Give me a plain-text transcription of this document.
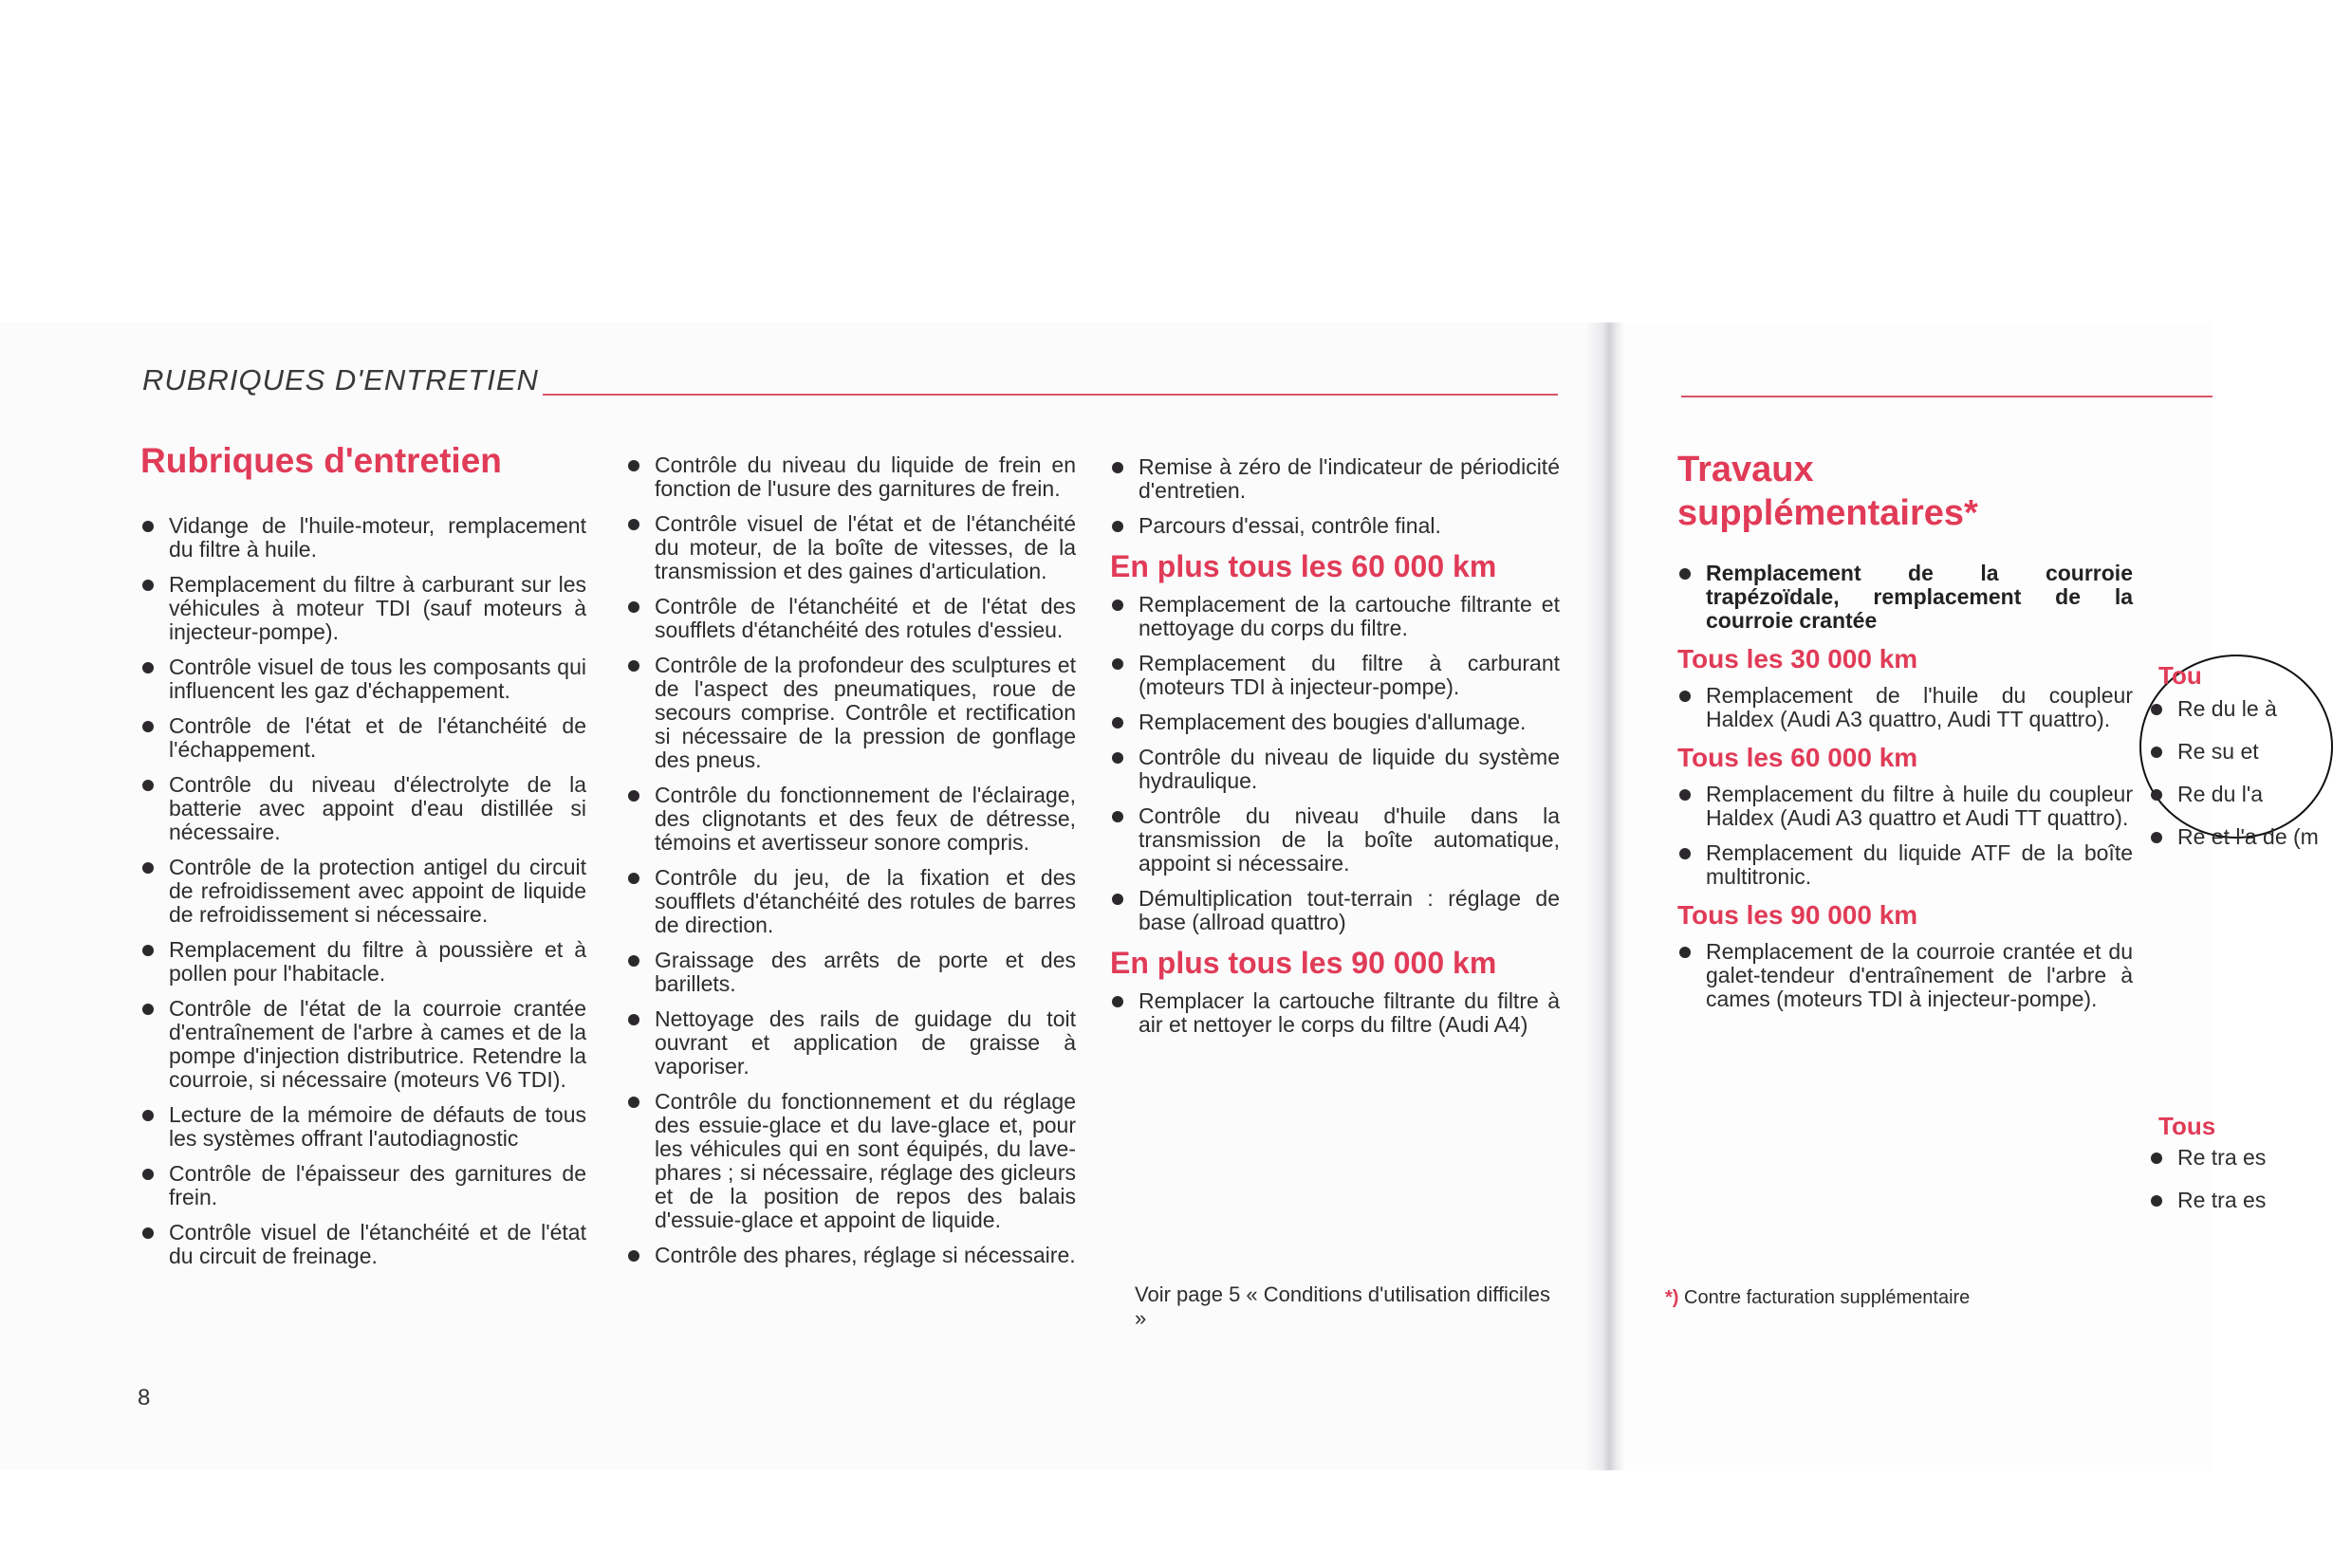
RUBRIQUES D'ENTRETIEN
Rubriques d'entretien
Vidange de l'huile-moteur, remplacement du filtre à huile.
Remplacement du filtre à carburant sur les véhicules à moteur TDI (sauf moteurs à injecteur-pompe).
Contrôle visuel de tous les composants qui influencent les gaz d'échappement.
Contrôle de l'état et de l'étanchéité de l'échappement.
Contrôle du niveau d'électrolyte de la batterie avec appoint d'eau distillée si nécessaire.
Contrôle de la protection antigel du circuit de refroidissement avec appoint de liquide de refroidissement si nécessaire.
Remplacement du filtre à poussière et à pollen pour l'habitacle.
Contrôle de l'état de la courroie crantée d'entraînement de l'arbre à cames et de la pompe d'injection distributrice. Retendre la courroie, si nécessaire (moteurs V6 TDI).
Lecture de la mémoire de défauts de tous les systèmes offrant l'autodiagnostic
Contrôle de l'épaisseur des garnitures de frein.
Contrôle visuel de l'étanchéité et de l'état du circuit de freinage.
Contrôle du niveau du liquide de frein en fonction de l'usure des garnitures de frein.
Contrôle visuel de l'état et de l'étanchéité du moteur, de la boîte de vitesses, de la transmission et des gaines d'articulation.
Contrôle de l'étanchéité et de l'état des soufflets d'étanchéité des rotules d'essieu.
Contrôle de la profondeur des sculptures et de l'aspect des pneumatiques, roue de secours comprise. Contrôle et rectification si nécessaire de la pression de gonflage des pneus.
Contrôle du fonctionnement de l'éclairage, des clignotants et des feux de détresse, témoins et avertisseur sonore compris.
Contrôle du jeu, de la fixation et des soufflets d'étanchéité des rotules de barres de direction.
Graissage des arrêts de porte et des barillets.
Nettoyage des rails de guidage du toit ouvrant et application de graisse à vaporiser.
Contrôle du fonctionnement et du réglage des essuie-glace et du lave-glace et, pour les véhicules qui en sont équipés, du lave-phares ; si nécessaire, réglage des gicleurs et de la position de repos des balais d'essuie-glace et appoint de liquide.
Contrôle des phares, réglage si nécessaire.
Remise à zéro de l'indicateur de périodicité d'entretien.
Parcours d'essai, contrôle final.
En plus tous les 60 000 km
Remplacement de la cartouche filtrante et nettoyage du corps du filtre.
Remplacement du filtre à carburant (moteurs TDI à injecteur-pompe).
Remplacement des bougies d'allumage.
Contrôle du niveau de liquide du système hydraulique.
Contrôle du niveau d'huile dans la transmission de la boîte automatique, appoint si nécessaire.
Démultiplication tout-terrain : réglage de base (allroad quattro)
En plus tous les 90 000 km
Remplacer la cartouche filtrante du filtre à air et nettoyer le corps du filtre (Audi A4)
Voir page 5 « Conditions d'utilisation difficiles »
Travaux
supplémentaires*
Remplacement de la courroie trapézoïdale, remplacement de la courroie crantée
Tous les 30 000 km
Remplacement de l'huile du coupleur Haldex (Audi A3 quattro, Audi TT quattro).
Tous les 60 000 km
Remplacement du filtre à huile du coupleur Haldex (Audi A3 quattro et Audi TT quattro).
Remplacement du liquide ATF de la boîte multitronic.
Tous les 90 000 km
Remplacement de la courroie crantée et du galet-tendeur d'entraînement de l'arbre à cames (moteurs TDI à injecteur-pompe).
*) Contre facturation supplémentaire
Tou
Re du le à
Re su et
Re du l'a
Re et l'a de (m
Tous
Re tra es
Re tra es
8
